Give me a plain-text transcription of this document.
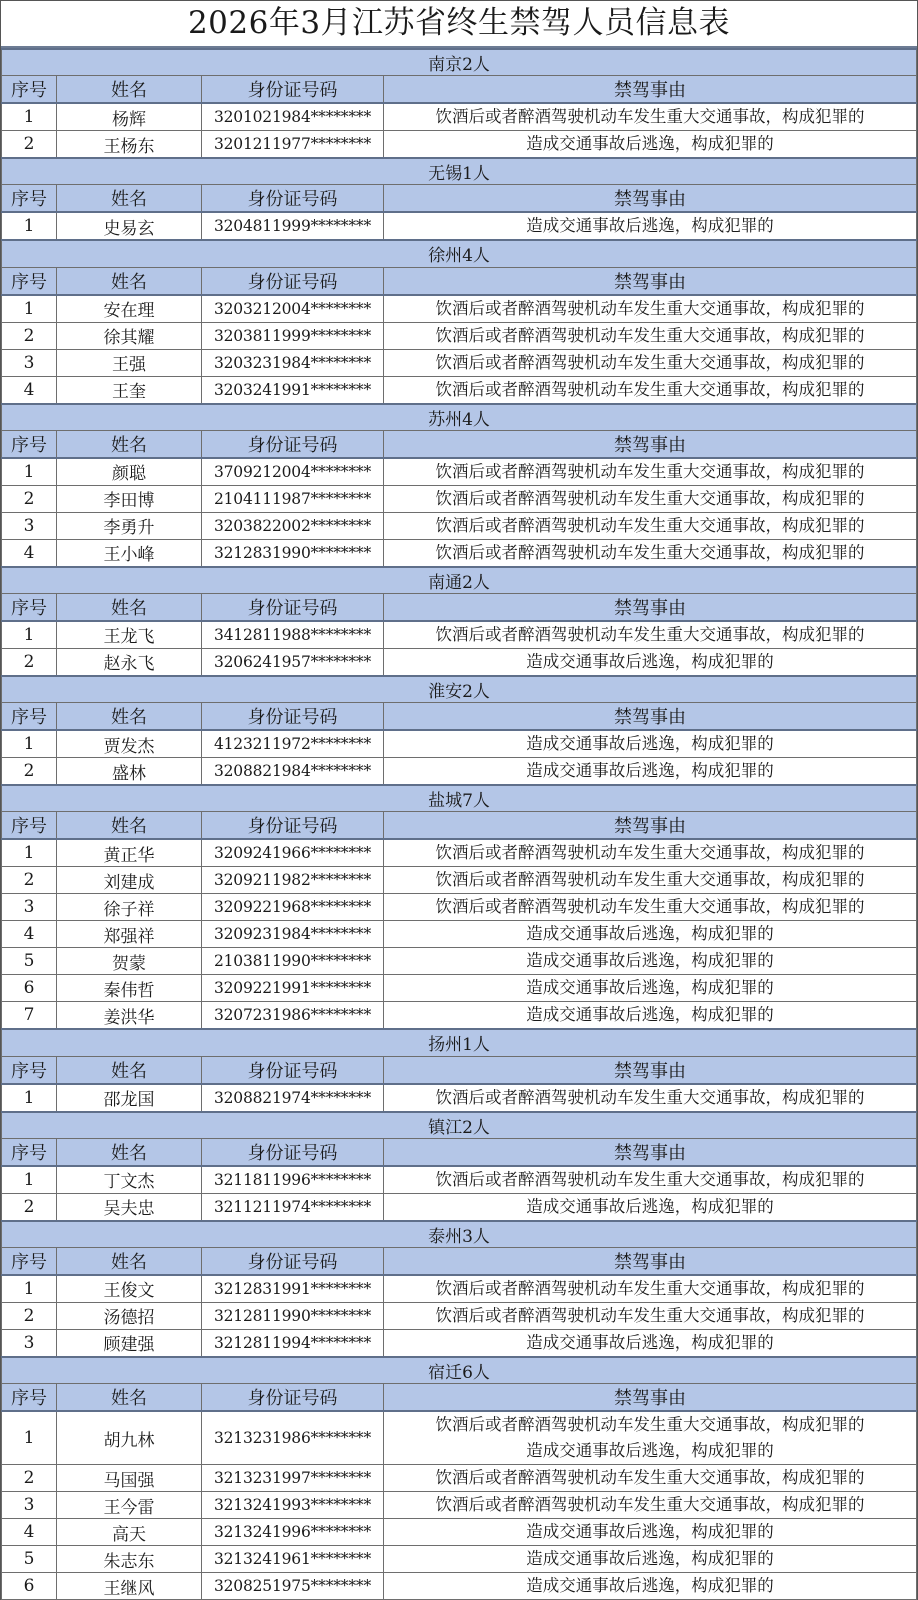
2026年3月江苏省终生禁驾人员信息表
南京2人			
序号	姓名	身份证号码	禁驾事由
1	杨辉	3201021984********	饮酒后或者醉酒驾驶机动车发生重大交通事故，构成犯罪的

2	王杨东	3201211977********	造成交通事故后逃逸，构成犯罪的

无锡1人			
序号	姓名	身份证号码	禁驾事由
1	史易玄	3204811999********	造成交通事故后逃逸，构成犯罪的

徐州4人			
序号	姓名	身份证号码	禁驾事由
1	安在理	3203212004********	饮酒后或者醉酒驾驶机动车发生重大交通事故，构成犯罪的

2	徐其耀	3203811999********	饮酒后或者醉酒驾驶机动车发生重大交通事故，构成犯罪的

3	王强	3203231984********	饮酒后或者醉酒驾驶机动车发生重大交通事故，构成犯罪的

4	王奎	3203241991********	饮酒后或者醉酒驾驶机动车发生重大交通事故，构成犯罪的

苏州4人			
序号	姓名	身份证号码	禁驾事由
1	颜聪	3709212004********	饮酒后或者醉酒驾驶机动车发生重大交通事故，构成犯罪的

2	李田博	2104111987********	饮酒后或者醉酒驾驶机动车发生重大交通事故，构成犯罪的

3	李勇升	3203822002********	饮酒后或者醉酒驾驶机动车发生重大交通事故，构成犯罪的

4	王小峰	3212831990********	饮酒后或者醉酒驾驶机动车发生重大交通事故，构成犯罪的

南通2人			
序号	姓名	身份证号码	禁驾事由
1	王龙飞	3412811988********	饮酒后或者醉酒驾驶机动车发生重大交通事故，构成犯罪的

2	赵永飞	3206241957********	造成交通事故后逃逸，构成犯罪的

淮安2人			
序号	姓名	身份证号码	禁驾事由
1	贾发杰	4123211972********	造成交通事故后逃逸，构成犯罪的

2	盛林	3208821984********	造成交通事故后逃逸，构成犯罪的

盐城7人			
序号	姓名	身份证号码	禁驾事由
1	黄正华	3209241966********	饮酒后或者醉酒驾驶机动车发生重大交通事故，构成犯罪的

2	刘建成	3209211982********	饮酒后或者醉酒驾驶机动车发生重大交通事故，构成犯罪的

3	徐子祥	3209221968********	饮酒后或者醉酒驾驶机动车发生重大交通事故，构成犯罪的

4	郑强祥	3209231984********	造成交通事故后逃逸，构成犯罪的

5	贺蒙	2103811990********	造成交通事故后逃逸，构成犯罪的

6	秦伟哲	3209221991********	造成交通事故后逃逸，构成犯罪的

7	姜洪华	3207231986********	造成交通事故后逃逸，构成犯罪的

扬州1人			
序号	姓名	身份证号码	禁驾事由
1	邵龙国	3208821974********	饮酒后或者醉酒驾驶机动车发生重大交通事故，构成犯罪的

镇江2人			
序号	姓名	身份证号码	禁驾事由
1	丁文杰	3211811996********	饮酒后或者醉酒驾驶机动车发生重大交通事故，构成犯罪的

2	吴夫忠	3211211974********	造成交通事故后逃逸，构成犯罪的

泰州3人			
序号	姓名	身份证号码	禁驾事由
1	王俊文	3212831991********	饮酒后或者醉酒驾驶机动车发生重大交通事故，构成犯罪的

2	汤德招	3212811990********	饮酒后或者醉酒驾驶机动车发生重大交通事故，构成犯罪的

3	顾建强	3212811994********	造成交通事故后逃逸，构成犯罪的

宿迁6人			
序号	姓名	身份证号码	禁驾事由
1	胡九林	3213231986********	饮酒后或者醉酒驾驶机动车发生重大交通事故，构成犯罪的
造成交通事故后逃逸，构成犯罪的

2	马国强	3213231997********	饮酒后或者醉酒驾驶机动车发生重大交通事故，构成犯罪的

3	王今雷	3213241993********	饮酒后或者醉酒驾驶机动车发生重大交通事故，构成犯罪的

4	高天	3213241996********	造成交通事故后逃逸，构成犯罪的

5	朱志东	3213241961********	造成交通事故后逃逸，构成犯罪的

6	王继风	3208251975********	造成交通事故后逃逸，构成犯罪的
